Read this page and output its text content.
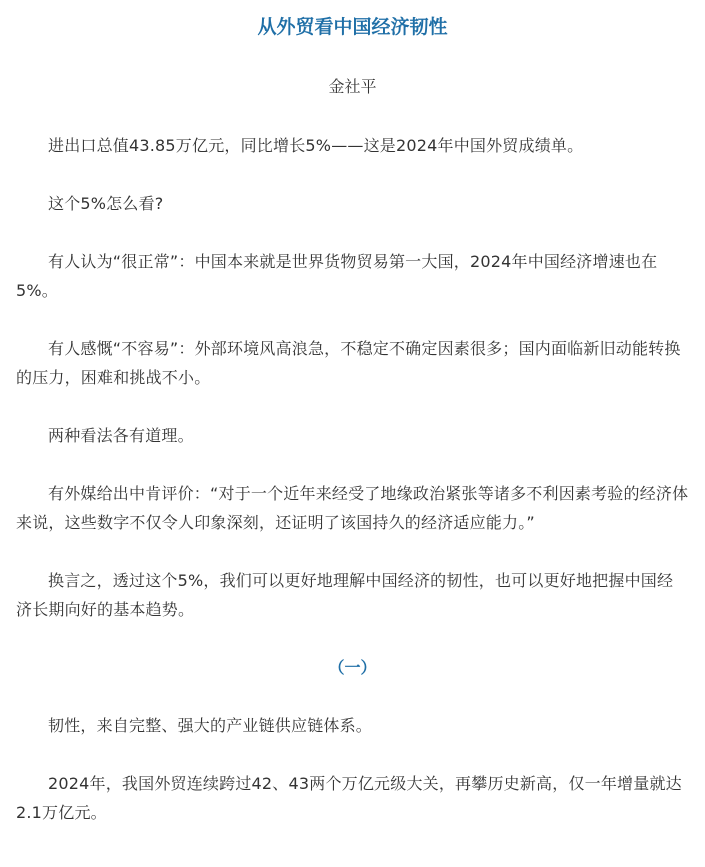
从外贸看中国经济韧性

金社平

进出口总值43.85万亿元，同比增长5%——这是2024年中国外贸成绩单。

这个5%怎么看?

有人认为“很正常”：中国本来就是世界货物贸易第一大国，2024年中国经济增速也在5%。

有人感慨“不容易”：外部环境风高浪急，不稳定不确定因素很多；国内面临新旧动能转换的压力，困难和挑战不小。

两种看法各有道理。

有外媒给出中肯评价：“对于一个近年来经受了地缘政治紧张等诸多不利因素考验的经济体来说，这些数字不仅令人印象深刻，还证明了该国持久的经济适应能力。”

换言之，透过这个5%，我们可以更好地理解中国经济的韧性，也可以更好地把握中国经济长期向好的基本趋势。

（一）

韧性，来自完整、强大的产业链供应链体系。

2024年，我国外贸连续跨过42、43两个万亿元级大关，再攀历史新高，仅一年增量就达2.1万亿元。
